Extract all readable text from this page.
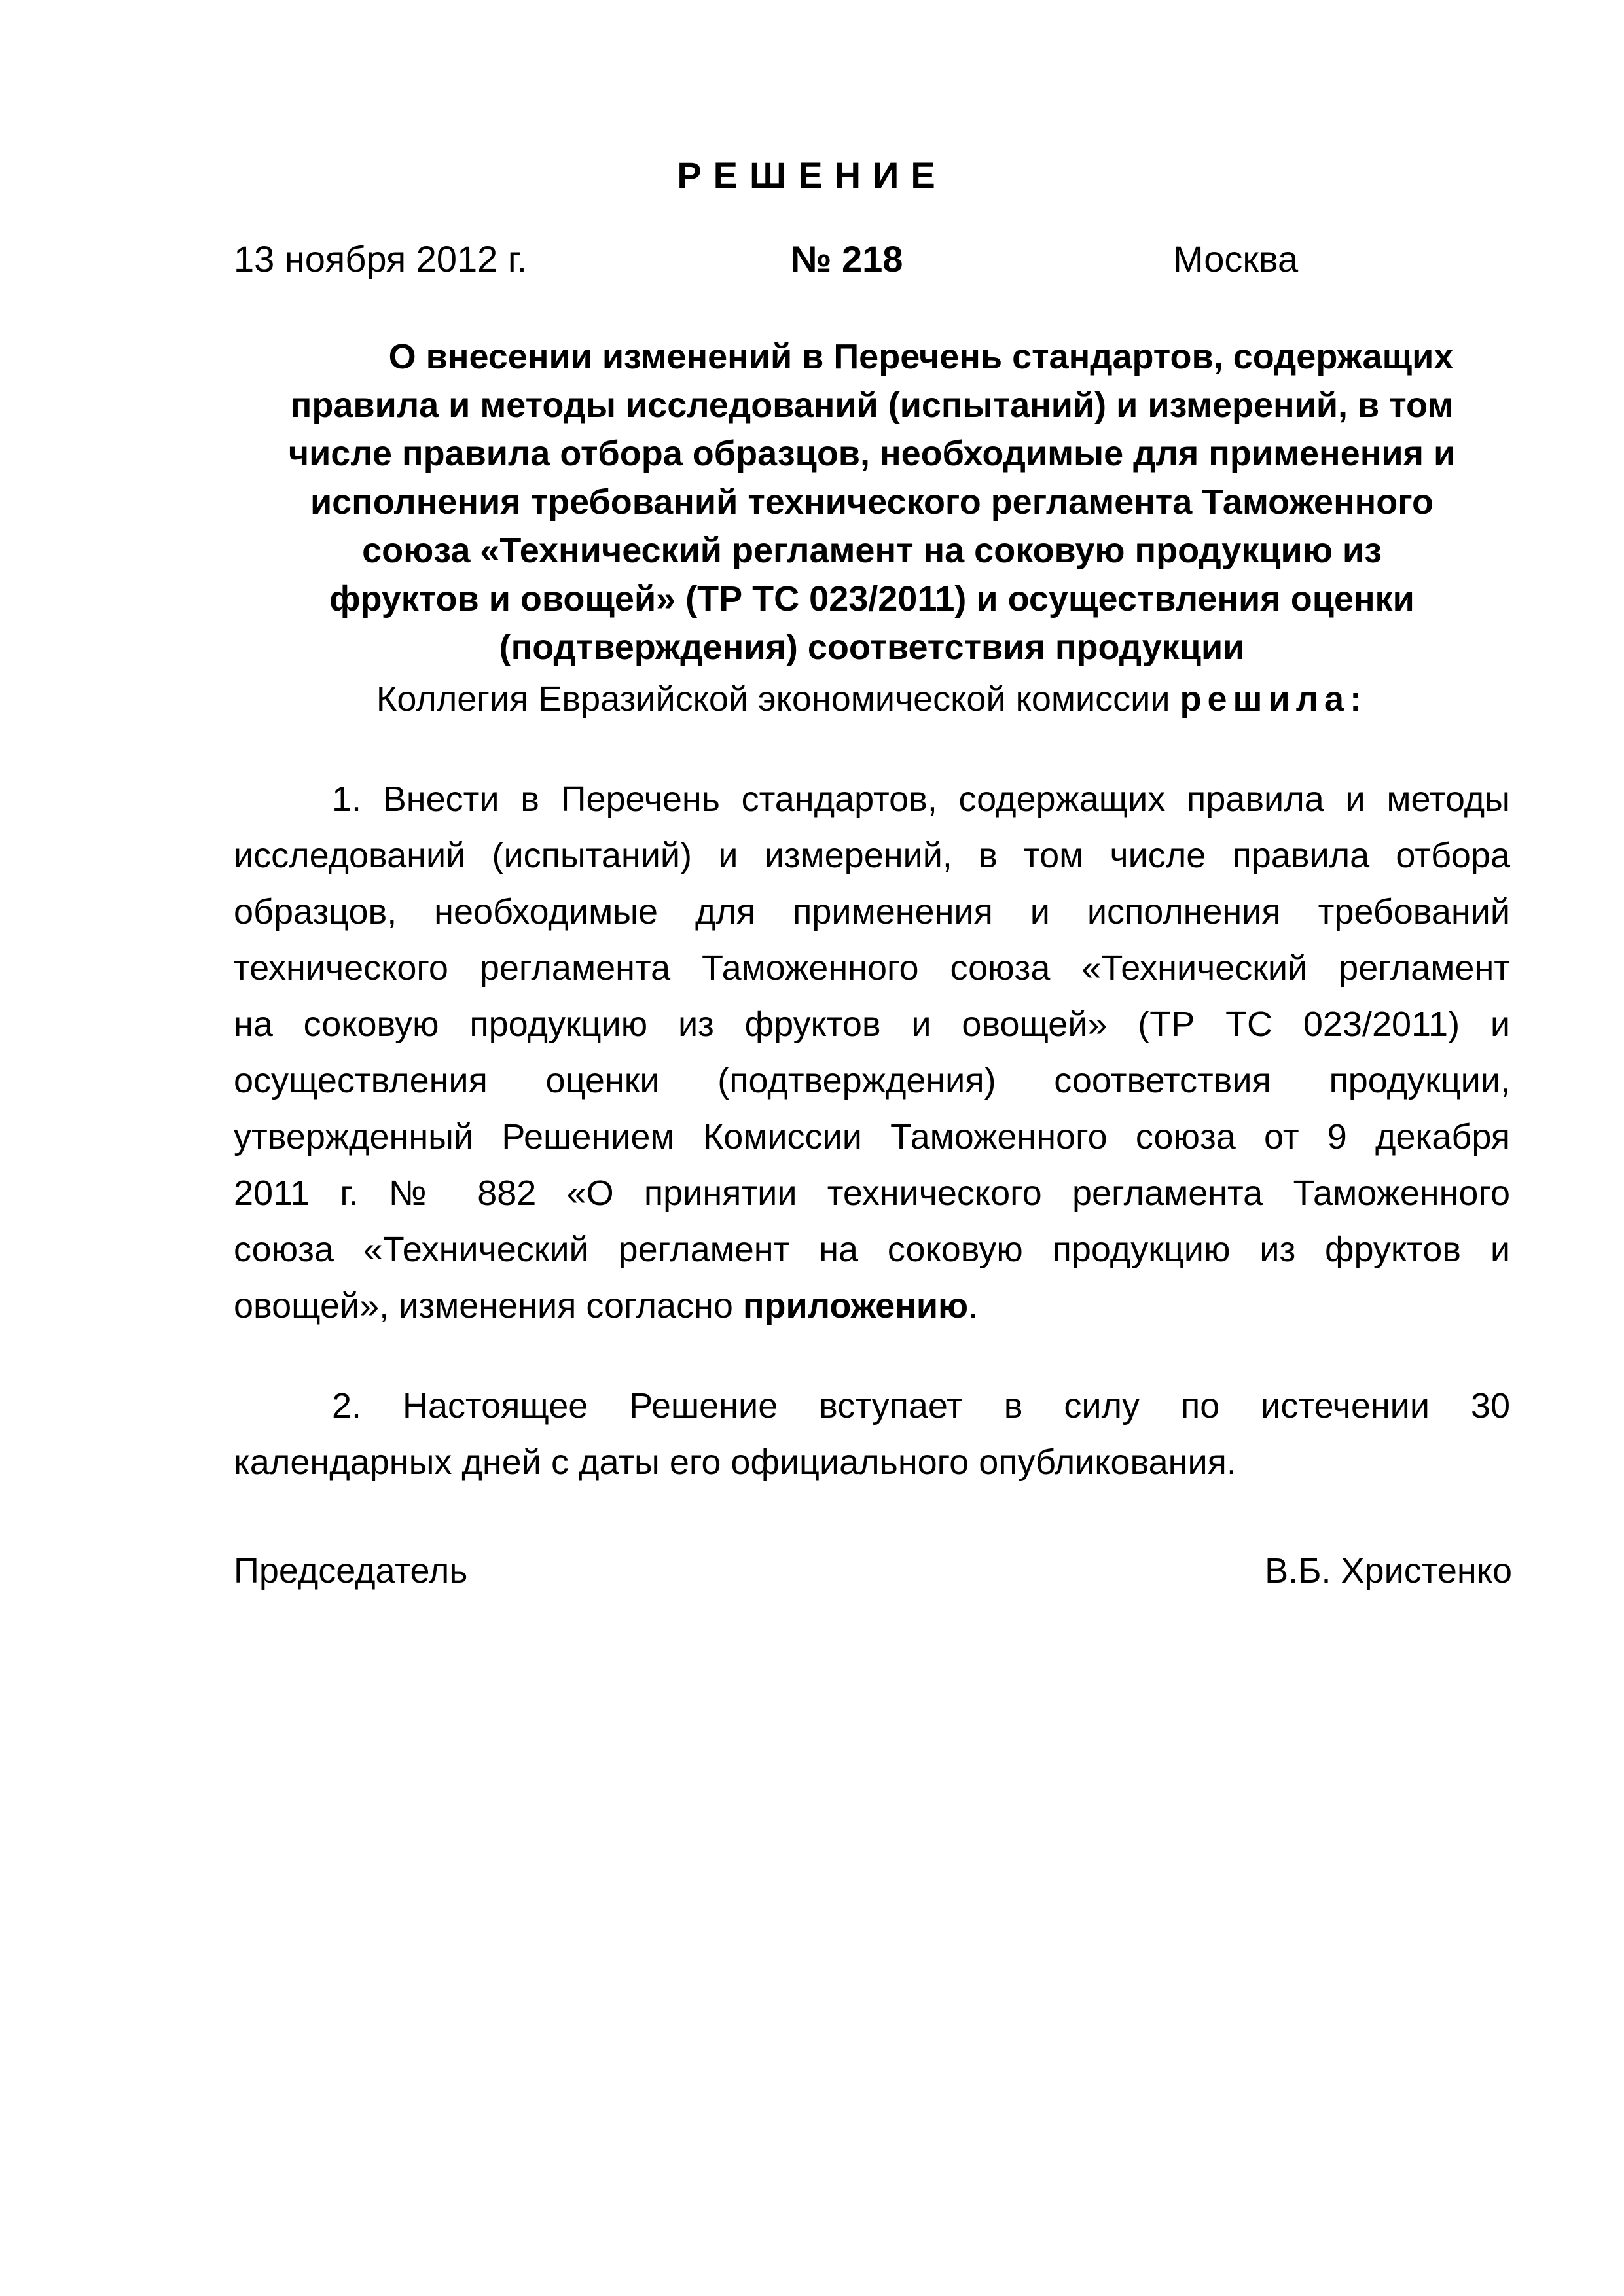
РЕШЕНИЕ
13 ноября 2012 г.	№ 218	Москва
О внесении изменений в Перечень стандартов, содержащих
правила и методы исследований (испытаний) и измерений, в том
числе правила отбора образцов, необходимые для применения и
исполнения требований технического регламента Таможенного
союза «Технический регламент на соковую продукцию из
фруктов и овощей» (ТР ТС 023/2011) и осуществления оценки
(подтверждения) соответствия продукции
Коллегия Евразийской экономической комиссии решила:
1. Внести в Перечень стандартов, содержащих правила и методы
исследований (испытаний) и измерений, в том числе правила отбора
образцов, необходимые для применения и исполнения требований
технического регламента Таможенного союза «Технический регламент
на соковую продукцию из фруктов и овощей» (ТР ТС 023/2011) и
осуществления оценки (подтверждения) соответствия продукции,
утвержденный Решением Комиссии Таможенного союза от 9 декабря
2011 г. № 882 «О принятии технического регламента Таможенного
союза «Технический регламент на соковую продукцию из фруктов и
овощей», изменения согласно приложению.
2. Настоящее Решение вступает в силу по истечении 30
календарных дней с даты его официального опубликования.
Председатель	В.Б. Христенко
